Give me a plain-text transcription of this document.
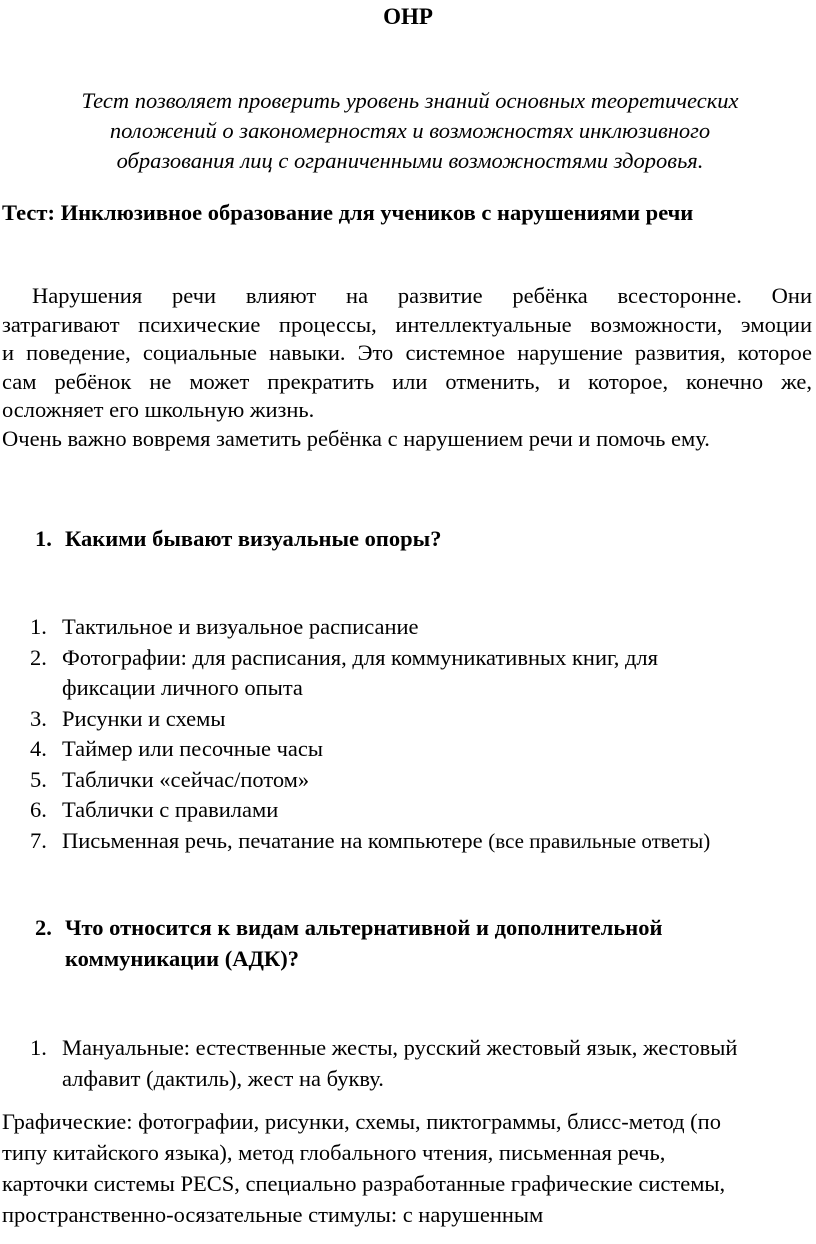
ОНР
Тест позволяет проверить уровень знаний основных теоретических
положений о закономерностях и возможностях инклюзивного
образования лиц с ограниченными возможностями здоровья.
Тест: Инклюзивное образование для учеников с нарушениями речи
Нарушения речи влияют на развитие ребёнка всесторонне. Они
затрагивают психические процессы, интеллектуальные возможности, эмоции
и поведение, социальные навыки. Это системное нарушение развития, которое
сам ребёнок не может прекратить или отменить, и которое, конечно же,
осложняет его школьную жизнь.
Очень важно вовремя заметить ребёнка с нарушением речи и помочь ему.
1. Какими бывают визуальные опоры?
1. Тактильное и визуальное расписание
2. Фотографии: для расписания, для коммуникативных книг, для
фиксации личного опыта
3. Рисунки и схемы
4. Таймер или песочные часы
5. Таблички «сейчас/потом»
6. Таблички с правилами
7. Письменная речь, печатание на компьютере (все правильные ответы)
2. Что относится к видам альтернативной и дополнительной
коммуникации (АДК)?
1. Мануальные: естественные жесты, русский жестовый язык, жестовый
алфавит (дактиль), жест на букву.
Графические: фотографии, рисунки, схемы, пиктограммы, блисс-метод (по
типу китайского языка), метод глобального чтения, письменная речь,
карточки системы PECS, специально разработанные графические системы,
пространственно-осязательные стимулы: с нарушенным
